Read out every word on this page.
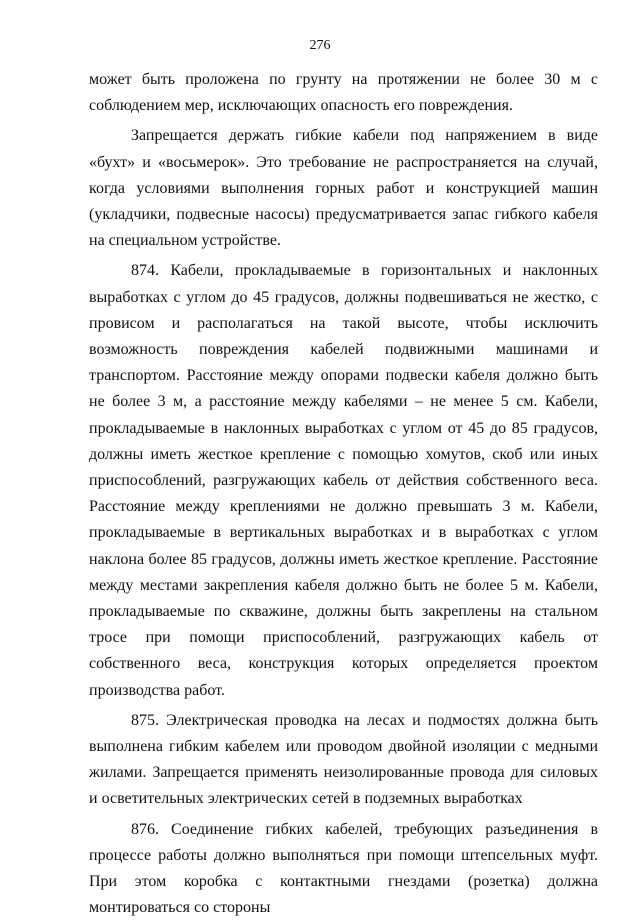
276

может быть проложена по грунту на протяжении не более 30 м с соблюдением мер, исключающих опасность его повреждения.

Запрещается держать гибкие кабели под напряжением в виде «бухт» и «восьмерок». Это требование не распространяется на случай, когда условиями выполнения горных работ и конструкцией машин (укладчики, подвесные насосы) предусматривается запас гибкого кабеля на специальном устройстве.

874. Кабели, прокладываемые в горизонтальных и наклонных выработках с углом до 45 градусов, должны подвешиваться не жестко, с провисом и располагаться на такой высоте, чтобы исключить возможность повреждения кабелей подвижными машинами и транспортом. Расстояние между опорами подвески кабеля должно быть не более 3 м, а расстояние между кабелями – не менее 5 см. Кабели, прокладываемые в наклонных выработках с углом от 45 до 85 градусов, должны иметь жесткое крепление с помощью хомутов, скоб или иных приспособлений, разгружающих кабель от действия собственного веса. Расстояние между креплениями не должно превышать 3 м. Кабели, прокладываемые в вертикальных выработках и в выработках с углом наклона более 85 градусов, должны иметь жесткое крепление. Расстояние между местами закрепления кабеля должно быть не более 5 м. Кабели, прокладываемые по скважине, должны быть закреплены на стальном тросе при помощи приспособлений, разгружающих кабель от собственного веса, конструкция которых определяется проектом производства работ.

875. Электрическая проводка на лесах и подмостях должна быть выполнена гибким кабелем или проводом двойной изоляции с медными жилами. Запрещается применять неизолированные провода для силовых и осветительных электрических сетей в подземных выработках

876. Соединение гибких кабелей, требующих разъединения в процессе работы должно выполняться при помощи штепсельных муфт. При этом коробка с контактными гнездами (розетка) должна монтироваться со стороны
